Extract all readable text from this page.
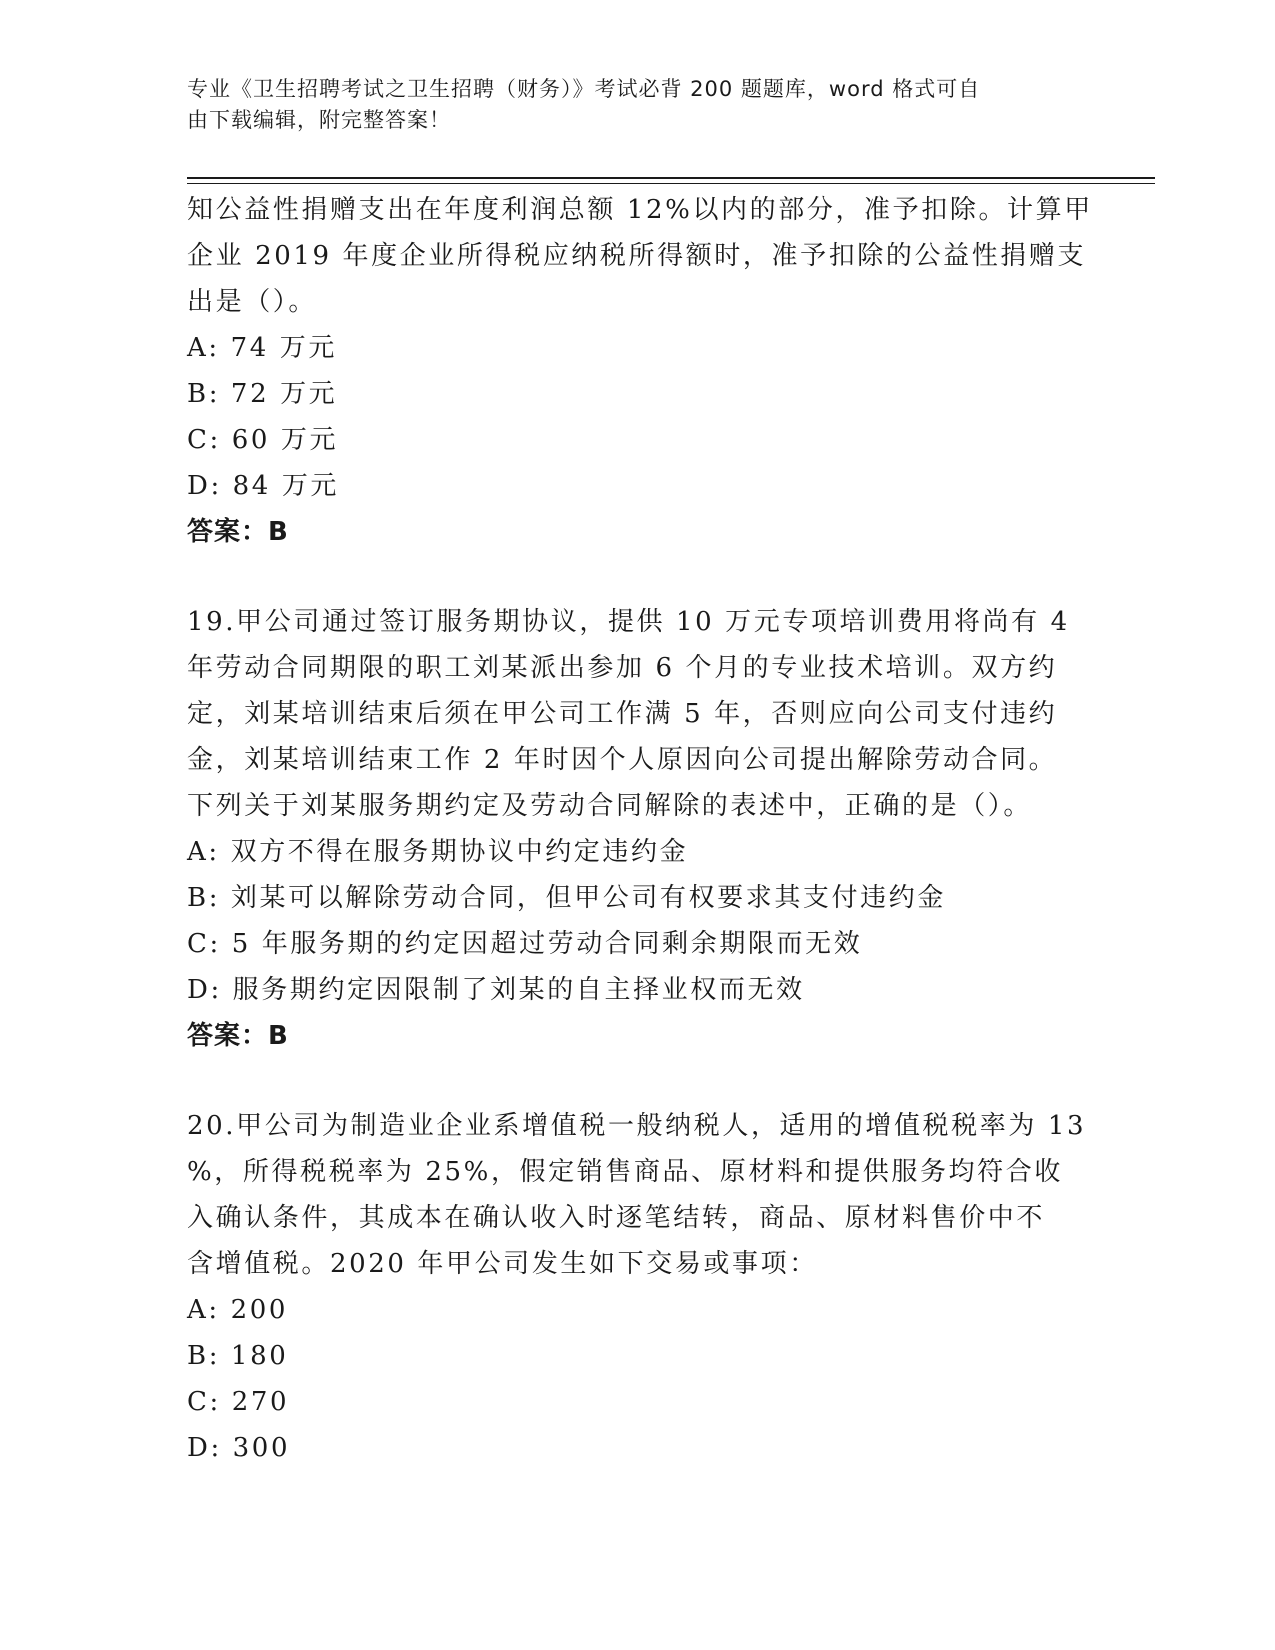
专业《卫生招聘考试之卫生招聘（财务）》考试必背 200 题题库，word 格式可自
由下载编辑，附完整答案！
知公益性捐赠支出在年度利润总额 12%以内的部分，准予扣除。计算甲
企业 2019 年度企业所得税应纳税所得额时，准予扣除的公益性捐赠支
出是（）。
A: 74 万元
B: 72 万元
C: 60 万元
D: 84 万元
答案：B
19.甲公司通过签订服务期协议，提供 10 万元专项培训费用将尚有 4
年劳动合同期限的职工刘某派出参加 6 个月的专业技术培训。双方约
定，刘某培训结束后须在甲公司工作满 5 年，否则应向公司支付违约
金，刘某培训结束工作 2 年时因个人原因向公司提出解除劳动合同。
下列关于刘某服务期约定及劳动合同解除的表述中，正确的是（）。
A: 双方不得在服务期协议中约定违约金
B: 刘某可以解除劳动合同，但甲公司有权要求其支付违约金
C: 5 年服务期的约定因超过劳动合同剩余期限而无效
D: 服务期约定因限制了刘某的自主择业权而无效
答案：B
20.甲公司为制造业企业系增值税一般纳税人，适用的增值税税率为 13
%，所得税税率为 25%，假定销售商品、原材料和提供服务均符合收
入确认条件，其成本在确认收入时逐笔结转，商品、原材料售价中不
含增值税。2020 年甲公司发生如下交易或事项：
A: 200
B: 180
C: 270
D: 300
